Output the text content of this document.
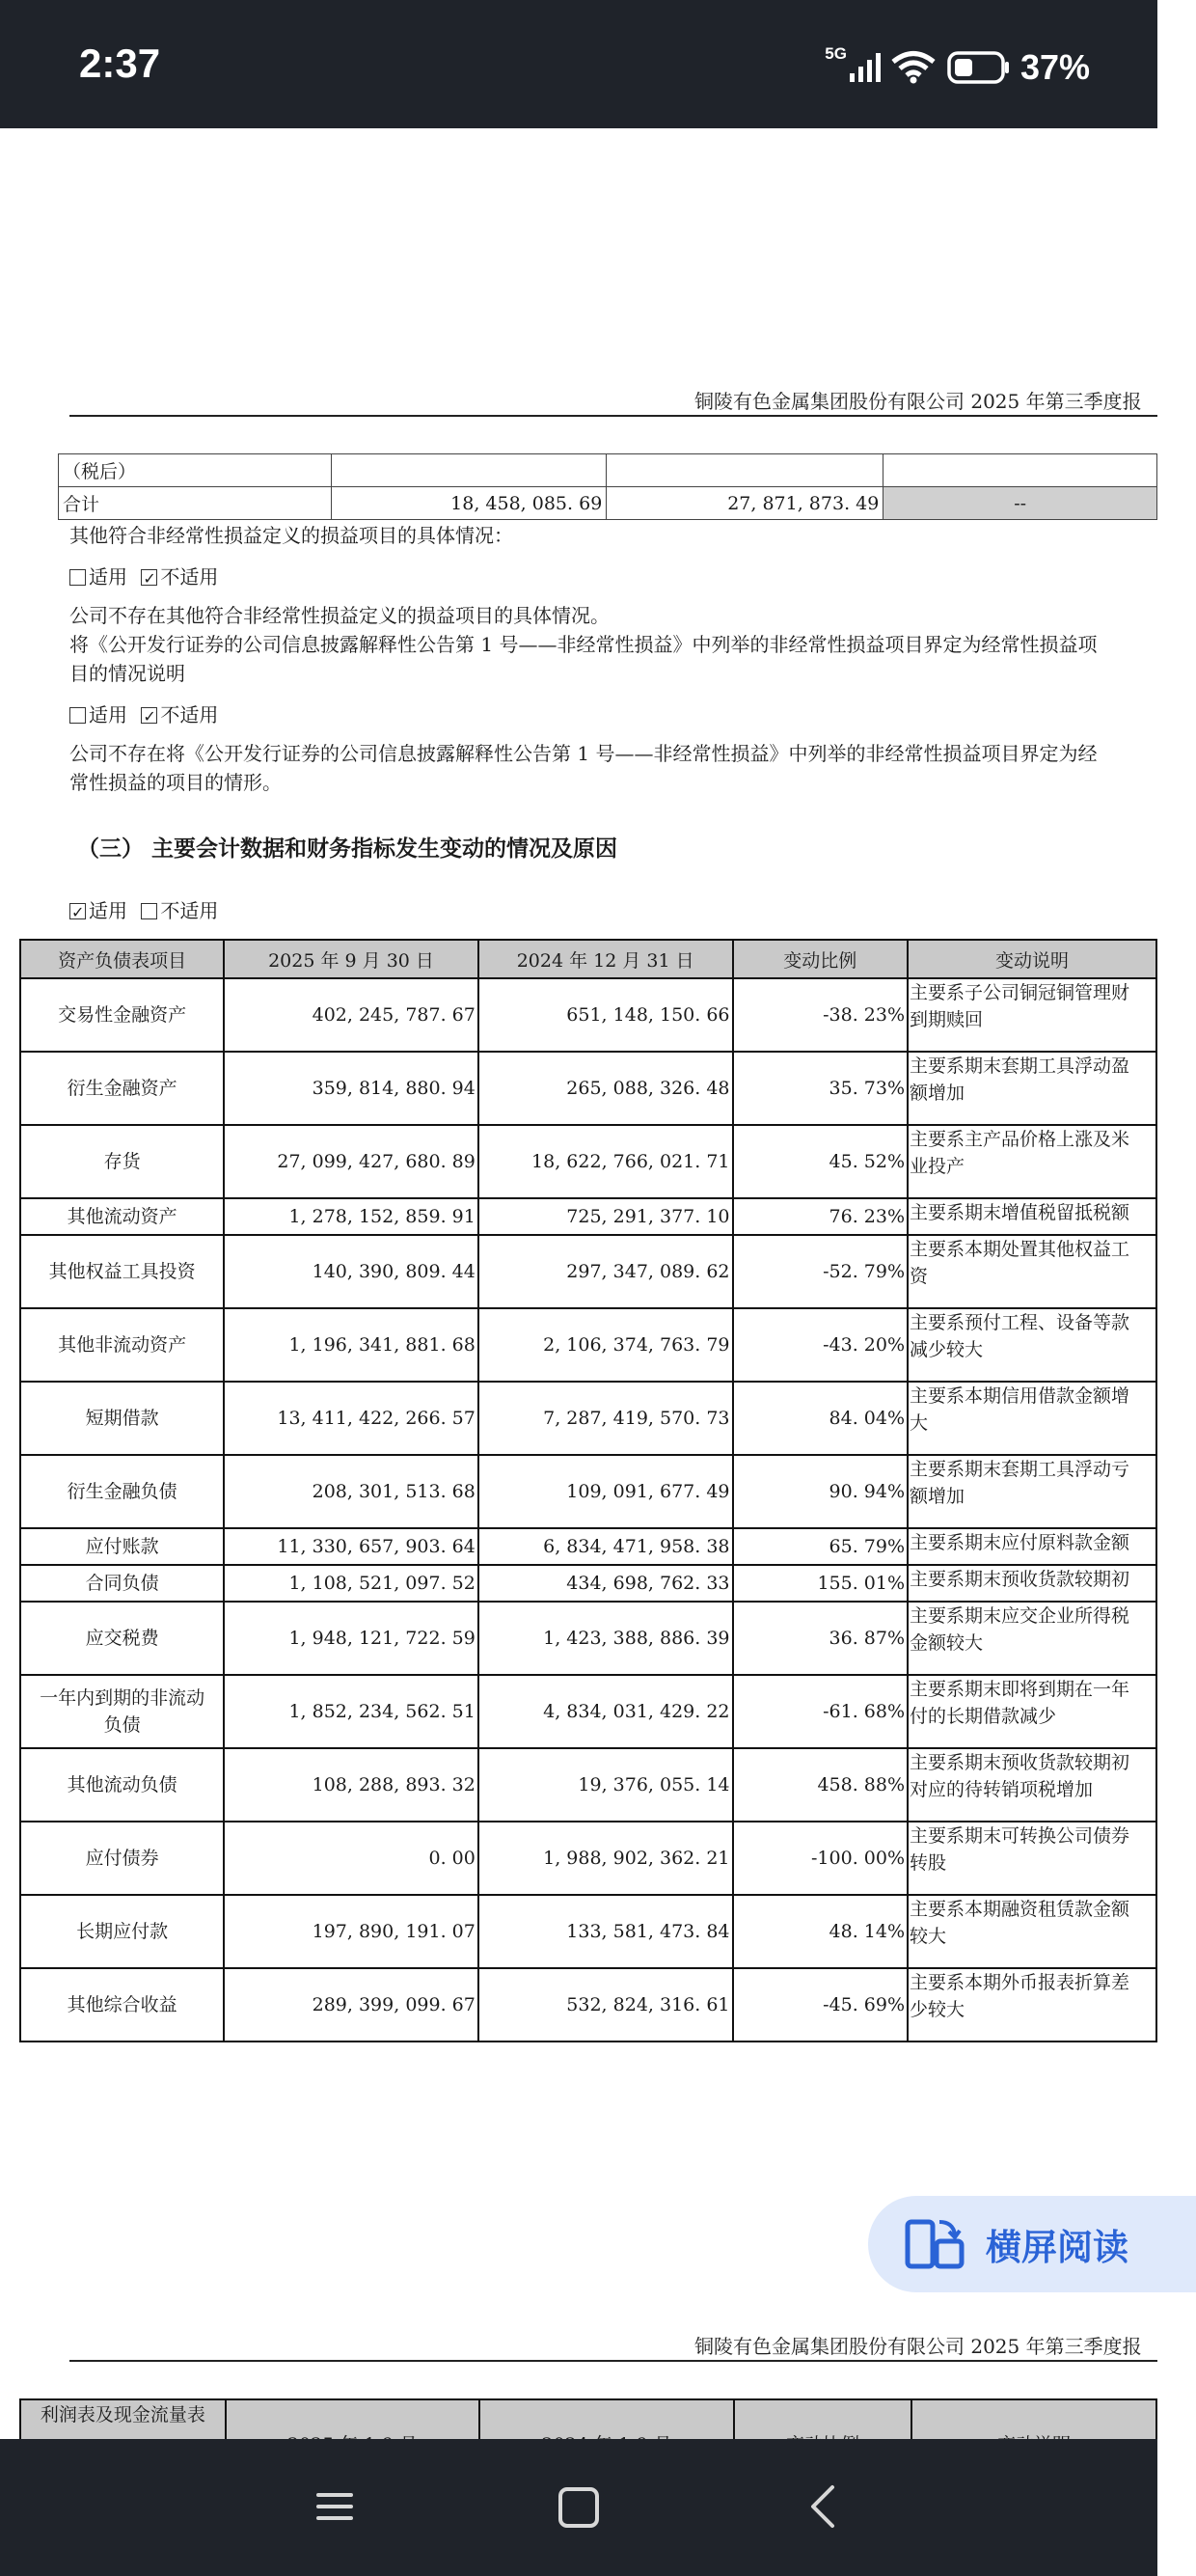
2:37	5G	37%
铜陵有色金属集团股份有限公司 2025 年第三季度报
（税后）			
合计	18, 458, 085. 69	27, 871, 873. 49	--
其他符合非经常性损益定义的损益项目的具体情况：
适用 ✓ 不适用
公司不存在其他符合非经常性损益定义的损益项目的具体情况。
将《公开发行证券的公司信息披露解释性公告第 1 号——非经常性损益》中列举的非经常性损益项目界定为经常性损益项
目的情况说明
适用 ✓ 不适用
公司不存在将《公开发行证券的公司信息披露解释性公告第 1 号——非经常性损益》中列举的非经常性损益项目界定为经
常性损益的项目的情形。
（三） 主要会计数据和财务指标发生变动的情况及原因
✓适用 不适用
资产负债表项目	2025 年 9 月 30 日	2024 年 12 月 31 日	变动比例	变动说明
交易性金融资产	402, 245, 787. 67	651, 148, 150. 66	-38. 23%	主要系子公司铜冠铜管理财
到期赎回
衍生金融资产	359, 814, 880. 94	265, 088, 326. 48	35. 73%	主要系期末套期工具浮动盈
额增加
存货	27, 099, 427, 680. 89	18, 622, 766, 021. 71	45. 52%	主要系主产品价格上涨及米
业投产
其他流动资产	1, 278, 152, 859. 91	725, 291, 377. 10	76. 23%	主要系期末增值税留抵税额
其他权益工具投资	140, 390, 809. 44	297, 347, 089. 62	-52. 79%	主要系本期处置其他权益工
资
其他非流动资产	1, 196, 341, 881. 68	2, 106, 374, 763. 79	-43. 20%	主要系预付工程、设备等款
减少较大
短期借款	13, 411, 422, 266. 57	7, 287, 419, 570. 73	84. 04%	主要系本期信用借款金额增
大
衍生金融负债	208, 301, 513. 68	109, 091, 677. 49	90. 94%	主要系期末套期工具浮动亏
额增加
应付账款	11, 330, 657, 903. 64	6, 834, 471, 958. 38	65. 79%	主要系期末应付原料款金额
合同负债	1, 108, 521, 097. 52	434, 698, 762. 33	155. 01%	主要系期末预收货款较期初
应交税费	1, 948, 121, 722. 59	1, 423, 388, 886. 39	36. 87%	主要系期末应交企业所得税
金额较大
一年内到期的非流动
负债	1, 852, 234, 562. 51	4, 834, 031, 429. 22	-61. 68%	主要系期末即将到期在一年
付的长期借款减少
其他流动负债	108, 288, 893. 32	19, 376, 055. 14	458. 88%	主要系期末预收货款较期初
对应的待转销项税增加
应付债券	0. 00	1, 988, 902, 362. 21	-100. 00%	主要系期末可转换公司债券
转股
长期应付款	197, 890, 191. 07	133, 581, 473. 84	48. 14%	主要系本期融资租赁款金额
较大
其他综合收益	289, 399, 099. 67	532, 824, 316. 61	-45. 69%	主要系本期外币报表折算差
少较大
横屏阅读
铜陵有色金属集团股份有限公司 2025 年第三季度报
利润表及现金流量表				
